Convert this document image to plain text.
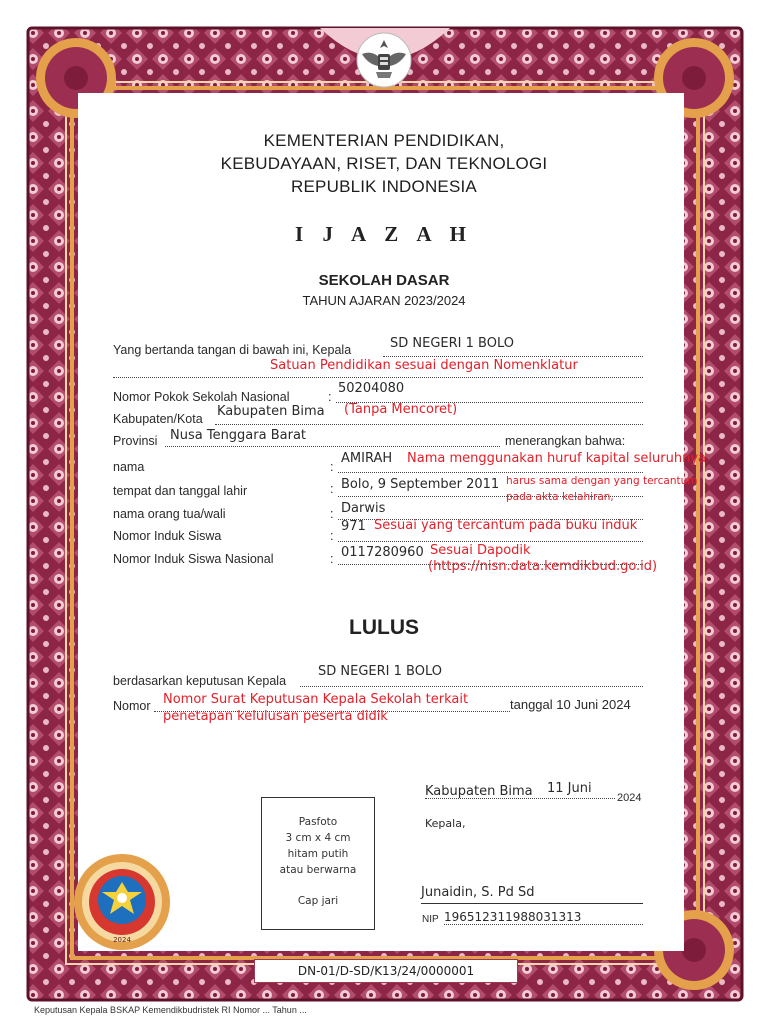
KEMENTERIAN PENDIDIKAN,
KEBUDAYAAN, RISET, DAN TEKNOLOGI
REPUBLIK INDONESIA
I J A Z A H
SEKOLAH DASAR
TAHUN AJARAN 2023/2024
Yang bertanda tangan di bawah ini, Kepala	SD NEGERI 1 BOLO
Satuan Pendidikan sesuai dengan Nomenklatur
Nomor Pokok Sekolah Nasional	:
50204080
Kabupaten/Kota Kabupaten Bima (Tanpa Mencoret)
Provinsi Nusa Tenggara Barat	menerangkan bahwa:
nama	:
AMIRAH Nama menggunakan huruf kapital seluruhnya
tempat dan tanggal lahir	: Bolo, 9 September 2011 harus sama dengan yang tercantum
pada akta kelahiran,
nama orang tua/wali	: Darwis
Nomor Induk Siswa	:
971 Sesuai yang tercantum pada buku induk
Nomor Induk Siswa Nasional	: 0117280960 Sesuai Dapodik
(https://nisn.data.kemdikbud.go.id)
LULUS
berdasarkan keputusan Kepala
SD NEGERI 1 BOLO
Nomor Nomor Surat Keputusan Kepala Sekolah terkait
penetapan kelulusan peserta didik
tanggal 10 Juni 2024
Kabupaten Bima 11 Juni
2024
Kepala,
Junaidin, S. Pd Sd
NIP 196512311988031313
Pasfoto
3 cm x 4 cm
hitam putih
atau berwarna
Cap jari
2024
DN-01/D-SD/K13/24/0000001
Keputusan Kepala BSKAP Kemendikbudristek RI Nomor ... Tahun ...
